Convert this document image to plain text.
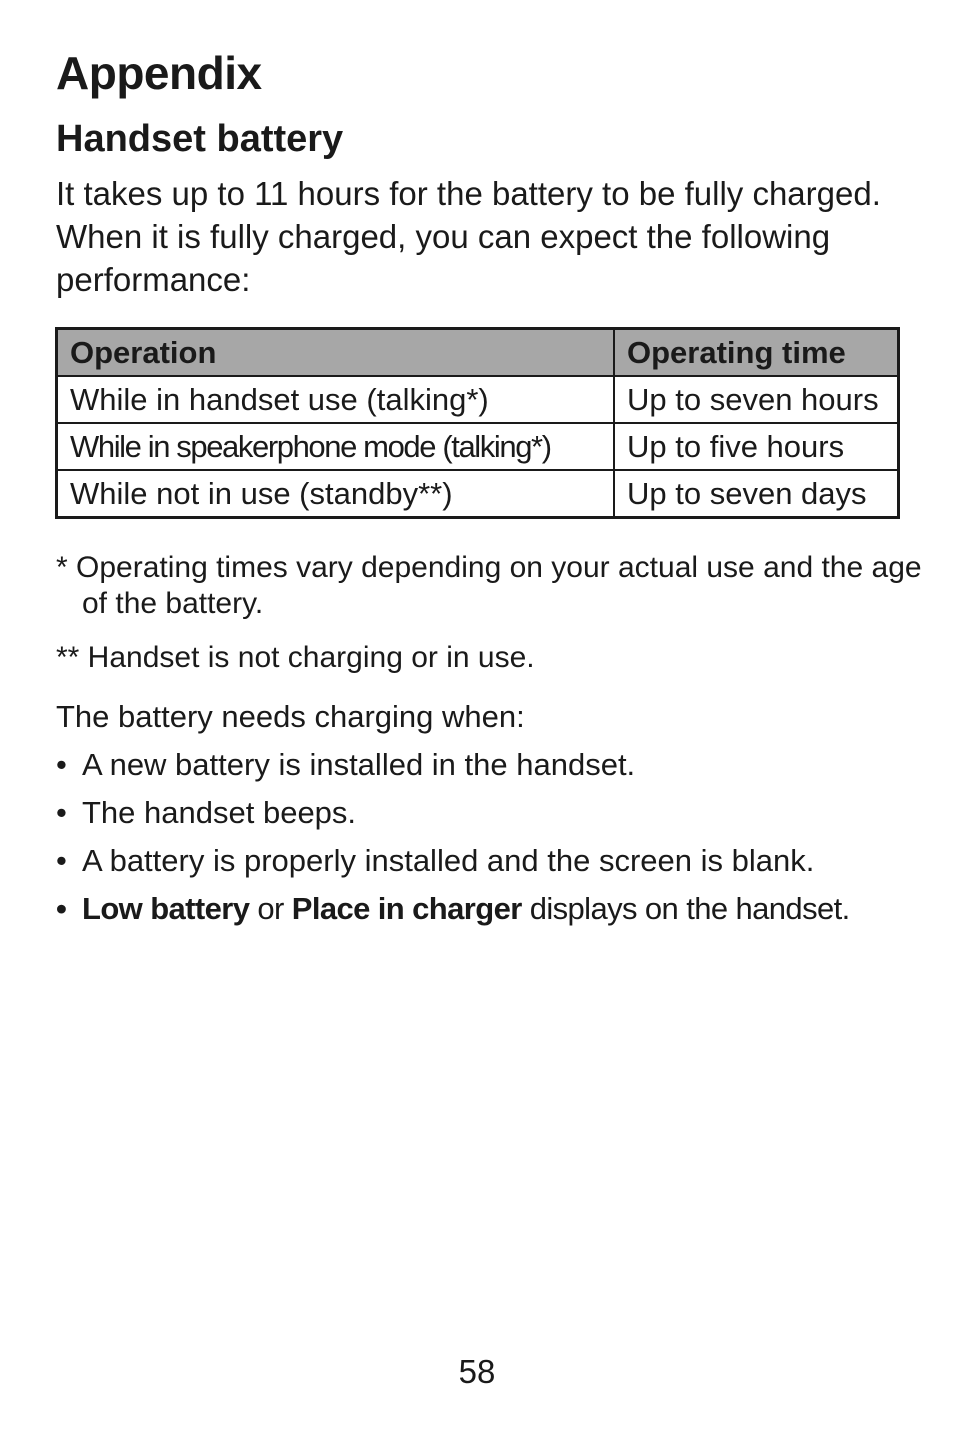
Appendix
Handset battery

It takes up to 11 hours for the battery to be fully charged. When it is fully charged, you can expect the following performance:

Operation	Operating time
While in handset use (talking*)	Up to seven hours
While in speakerphone mode (talking*)	Up to five hours
While not in use (standby**)	Up to seven days

* Operating times vary depending on your actual use and the age of the battery.

** Handset is not charging or in use.

The battery needs charging when:

• A new battery is installed in the handset.
• The handset beeps.
• A battery is properly installed and the screen is blank.
• Low battery or Place in charger displays on the handset.

58
